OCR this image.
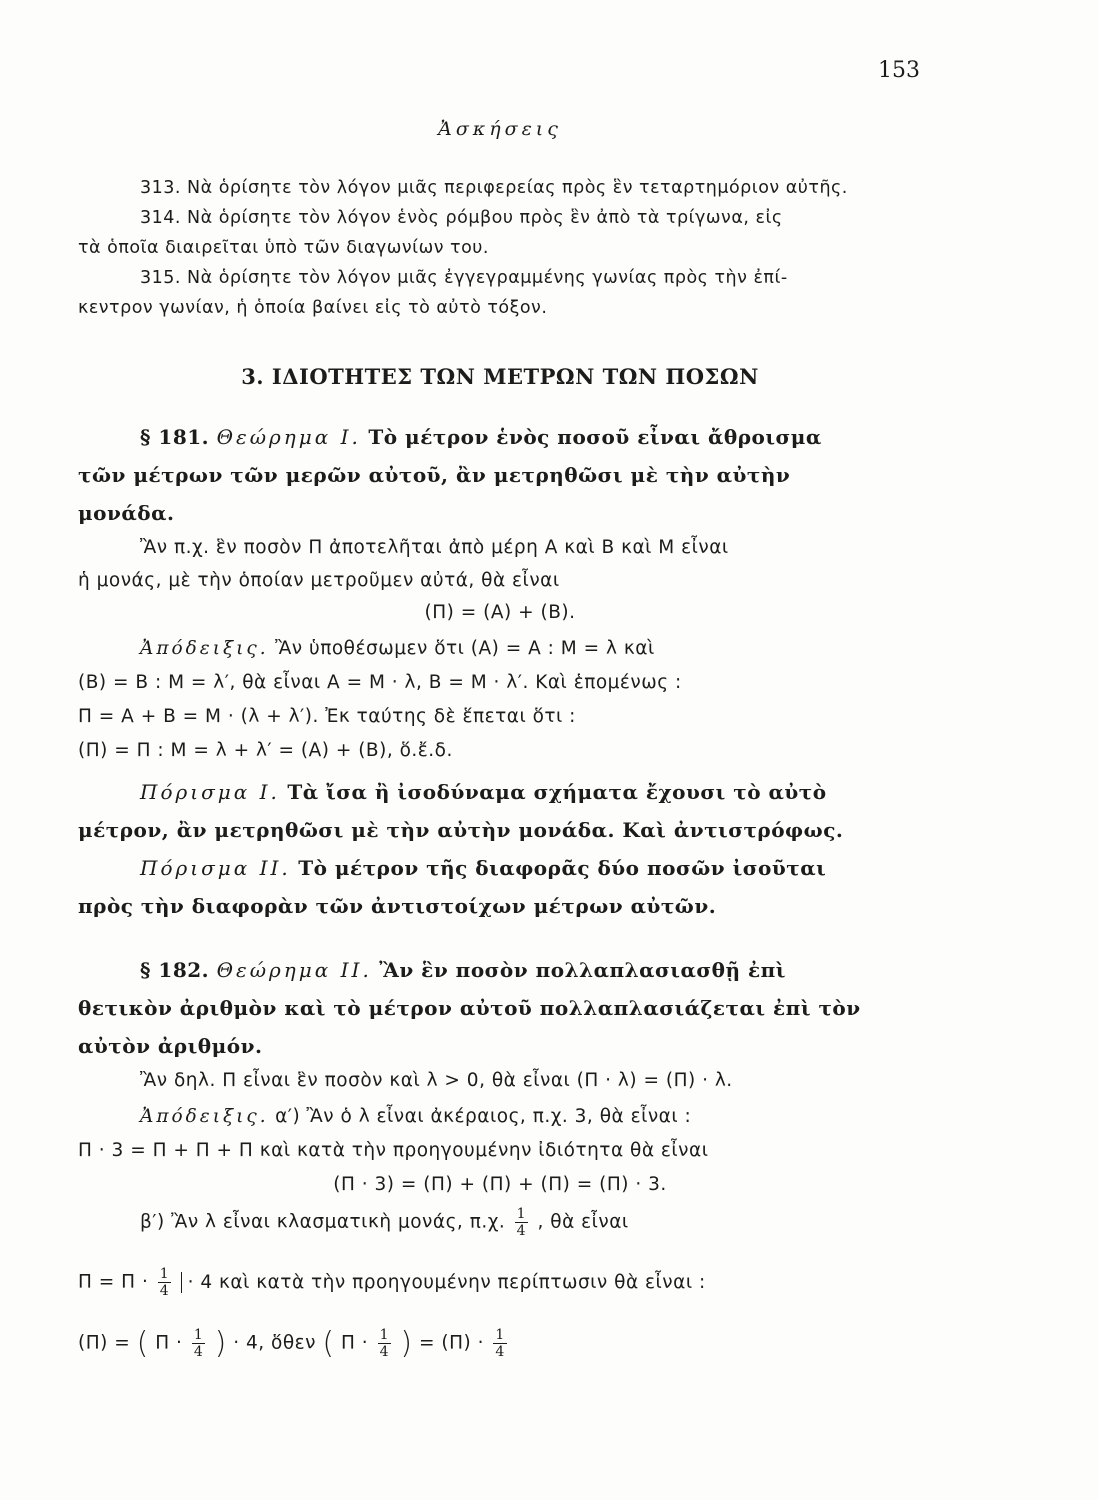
153
Ἀσκήσεις
313. Νὰ ὁρίσητε τὸν λόγον μιᾶς περιφερείας πρὸς ἓν τεταρτημόριον αὐτῆς.
314. Νὰ ὁρίσητε τὸν λόγον ἑνὸς ρόμβου πρὸς ἓν ἀπὸ τὰ τρίγωνα, εἰς
τὰ ὁποῖα διαιρεῖται ὑπὸ τῶν διαγωνίων του.
315. Νὰ ὁρίσητε τὸν λόγον μιᾶς ἐγγεγραμμένης γωνίας πρὸς τὴν ἐπί-
κεντρον γωνίαν, ἡ ὁποία βαίνει εἰς τὸ αὐτὸ τόξον.
3. ΙΔΙΟΤΗΤΕΣ ΤΩΝ ΜΕΤΡΩΝ ΤΩΝ ΠΟΣΩΝ
§ 181. Θεώρημα Ι. Τὸ μέτρον ἑνὸς ποσοῦ εἶναι ἄθροισμα
τῶν μέτρων τῶν μερῶν αὐτοῦ, ἂν μετρηθῶσι μὲ τὴν αὐτὴν
μονάδα.
Ἂν π.χ. ἓν ποσὸν Π ἀποτελῆται ἀπὸ μέρη Α καὶ Β καὶ Μ εἶναι
ἡ μονάς, μὲ τὴν ὁποίαν μετροῦμεν αὐτά, θὰ εἶναι
(Π) = (Α) + (Β).
Ἀπόδειξις. Ἂν ὑποθέσωμεν ὅτι (Α) = Α : Μ = λ καὶ
(Β) = Β : Μ = λ′, θὰ εἶναι Α = Μ · λ, Β = Μ · λ′. Καὶ ἑπομένως :
Π = Α + Β = Μ · (λ + λ′). Ἐκ ταύτης δὲ ἕπεται ὅτι :
(Π) = Π : Μ = λ + λ′ = (Α) + (Β), ὅ.ἔ.δ.
Πόρισμα Ι. Τὰ ἴσα ἢ ἰσοδύναμα σχήματα ἔχουσι τὸ αὐτὸ
μέτρον, ἂν μετρηθῶσι μὲ τὴν αὐτὴν μονάδα. Καὶ ἀντιστρόφως.
Πόρισμα ΙΙ. Τὸ μέτρον τῆς διαφορᾶς δύο ποσῶν ἰσοῦται
πρὸς τὴν διαφορὰν τῶν ἀντιστοίχων μέτρων αὐτῶν.
§ 182. Θεώρημα ΙΙ. Ἂν ἓν ποσὸν πολλαπλασιασθῇ ἐπὶ
θετικὸν ἀριθμὸν καὶ τὸ μέτρον αὐτοῦ πολλαπλασιάζεται ἐπὶ τὸν
αὐτὸν ἀριθμόν.
Ἂν δηλ. Π εἶναι ἓν ποσὸν καὶ λ > 0, θὰ εἶναι (Π · λ) = (Π) · λ.
Ἀπόδειξις. α′) Ἂν ὁ λ εἶναι ἀκέραιος, π.χ. 3, θὰ εἶναι :
Π · 3 = Π + Π + Π καὶ κατὰ τὴν προηγουμένην ἰδιότητα θὰ εἶναι
(Π · 3) = (Π) + (Π) + (Π) = (Π) · 3.
β′) Ἂν λ εἶναι κλασματικὴ μονάς, π.χ. $\frac{1}{4}$ , θὰ εἶναι
$\Pi = \Pi \cdot \frac{1}{4} \cdot 4$ καὶ κατὰ τὴν προηγουμένην περίπτωσιν θὰ εἶναι :
(Π) = ( $\Pi \cdot \frac{1}{4}$ ) · 4, ὅθεν ( $\Pi \cdot \frac{1}{4}$ ) = $(\Pi) \cdot \frac{1}{4}$
